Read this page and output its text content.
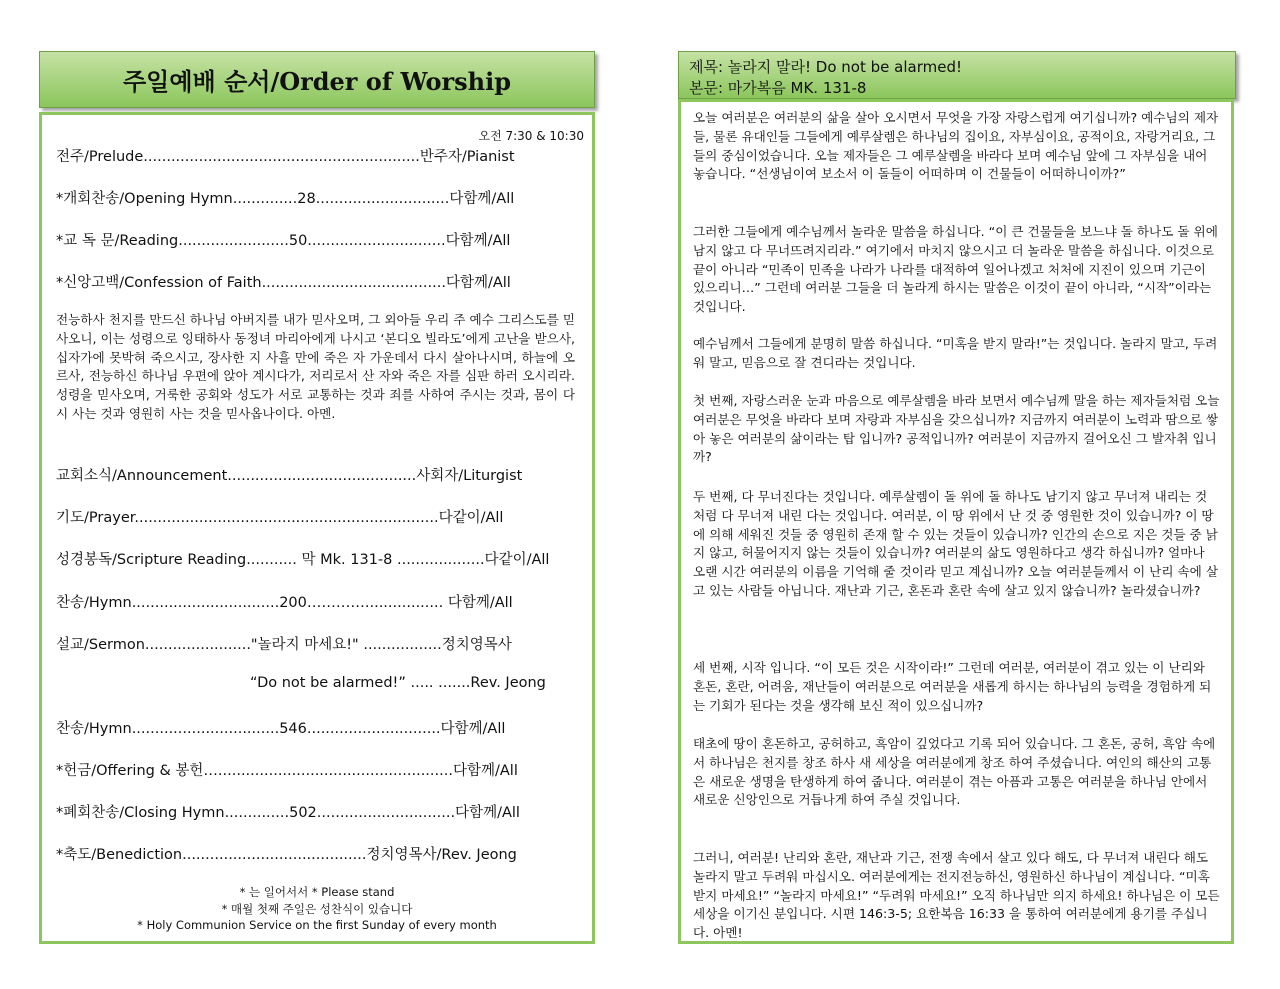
주일예배 순서/Order of Worship
오전 7:30 & 10:30
전주/Prelude............................................................반주자/Pianist
*개회찬송/Opening Hymn..............28.............................다함께/All
*교 독 문/Reading........................50..............................다함께/All
*신앙고백/Confession of Faith........................................다함께/All
전능하사 천지를 만드신 하나님 아버지를 내가 믿사오며, 그 외아들 우리 주 예수 그리스도를 믿사오니, 이는 성령으로 잉태하사 동정녀 마리아에게 나시고 ‘본디오 빌라도’에게 고난을 받으사, 십자가에 못박혀 죽으시고, 장사한 지 사흘 만에 죽은 자 가운데서 다시 살아나시며, 하늘에 오르사, 전능하신 하나님 우편에 앉아 계시다가, 저리로서 산 자와 죽은 자를 심판 하러 오시리라. 성령을 믿사오며, 거룩한 공회와 성도가 서로 교통하는 것과 죄를 사하여 주시는 것과, 몸이 다시 사는 것과 영원히 사는 것을 믿사옵나이다. 아멘.
교회소식/Announcement.........................................사회자/Liturgist
기도/Prayer..................................................................다같이/All
성경봉독/Scripture Reading........... 막 Mk. 131-8 ...................다같이/All
찬송/Hymn................................200…………................. 다함께/All
설교/Sermon......................."놀라지 마세요!" .................정치영목사
“Do not be alarmed!” ..... .......Rev. Jeong
찬송/Hymn................................546.............................다함께/All
*헌금/Offering & 봉헌…...................................................다함께/All
*폐회찬송/Closing Hymn..............502..............................다함께/All
*축도/Benediction........................................정치영목사/Rev. Jeong
* 는 일어서서 * Please stand
* 매월 첫째 주일은 성찬식이 있습니다
* Holy Communion Service on the first Sunday of every month
제목: 놀라지 말라! Do not be alarmed!
본문: 마가복음 MK. 131-8

오늘 여러분은 여러분의 삶을 살아 오시면서 무엇을 가장 자랑스럽게 여기십니까? 예수님의 제자들, 물론 유대인들 그들에게 예루살렘은 하나님의 집이요, 자부심이요, 공적이요, 자랑거리요, 그들의 중심이었습니다. 오늘 제자들은 그 예루살렘을 바라다 보며 예수님 앞에 그 자부심을 내어 놓습니다. “선생님이여 보소서 이 돌들이 어떠하며 이 건물들이 어떠하니이까?”

그러한 그들에게 예수님께서 놀라운 말씀을 하십니다. “이 큰 건물들을 보느냐 돌 하나도 돌 위에 남지 않고 다 무너뜨려지리라.” 여기에서 마치지 않으시고 더 놀라운 말씀을 하십니다. 이것으로 끝이 아니라 “민족이 민족을 나라가 나라를 대적하여 일어나겠고 처처에 지진이 있으며 기근이 있으리니…” 그런데 여러분 그들을 더 놀라게 하시는 말씀은 이것이 끝이 아니라, “시작”이라는 것입니다.

예수님께서 그들에게 분명히 말씀 하십니다. “미혹을 받지 말라!”는 것입니다. 놀라지 말고, 두려워 말고, 믿음으로 잘 견디라는 것입니다.

첫 번째, 자랑스러운 눈과 마음으로 예루살렘을 바라 보면서 예수님께 말을 하는 제자들처럼 오늘 여러분은 무엇을 바라다 보며 자랑과 자부심을 갖으십니까? 지금까지 여러분이 노력과 땀으로 쌓아 놓은 여러분의 삶이라는 탑 입니까? 공적입니까? 여러분이 지금까지 걸어오신 그 발자취 입니까?

두 번째, 다 무너진다는 것입니다. 예루살렘이 돌 위에 돌 하나도 남기지 않고 무너져 내리는 것 처럼 다 무너져 내린 다는 것입니다. 여러분, 이 땅 위에서 난 것 중 영원한 것이 있습니까? 이 땅에 의해 세워진 것들 중 영원히 존재 할 수 있는 것들이 있습니까? 인간의 손으로 지은 것들 중 낡지 않고, 허물어지지 않는 것들이 있습니까? 여러분의 삶도 영원하다고 생각 하십니까? 얼마나 오랜 시간 여러분의 이름을 기억해 줄 것이라 믿고 계십니까? 오늘 여러분들께서 이 난리 속에 살고 있는 사람들 아닙니다. 재난과 기근, 혼돈과 혼란 속에 살고 있지 않습니까? 놀라셨습니까?

세 번째, 시작 입니다. “이 모든 것은 시작이라!” 그런데 여러분, 여러분이 겪고 있는 이 난리와 혼돈, 혼란, 어려움, 재난들이 여러분으로 여러분을 새롭게 하시는 하나님의 능력을 경험하게 되는 기회가 된다는 것을 생각해 보신 적이 있으십니까?

태초에 땅이 혼돈하고, 공허하고, 흑암이 깊었다고 기록 되어 있습니다. 그 혼돈, 공허, 흑암 속에서 하나님은 천지를 창조 하사 새 세상을 여러분에게 창조 하여 주셨습니다. 여인의 해산의 고통은 새로운 생명을 탄생하게 하여 줍니다. 여러분이 겪는 아픔과 고통은 여러분을 하나님 안에서 새로운 신앙인으로 거듭나게 하여 주실 것입니다.

그러니, 여러분! 난리와 혼란, 재난과 기근, 전쟁 속에서 살고 있다 해도, 다 무너져 내린다 해도 놀라지 말고 두려워 마십시오. 여러분에게는 전지전능하신, 영원하신 하나님이 계십니다. “미혹받지 마세요!” “놀라지 마세요!” “두려워 마세요!” 오직 하나님만 의지 하세요! 하나님은 이 모든 세상을 이기신 분입니다. 시편 146:3-5; 요한복음 16:33 을 통하여 여러분에게 용기를 주십니다. 아멘!
